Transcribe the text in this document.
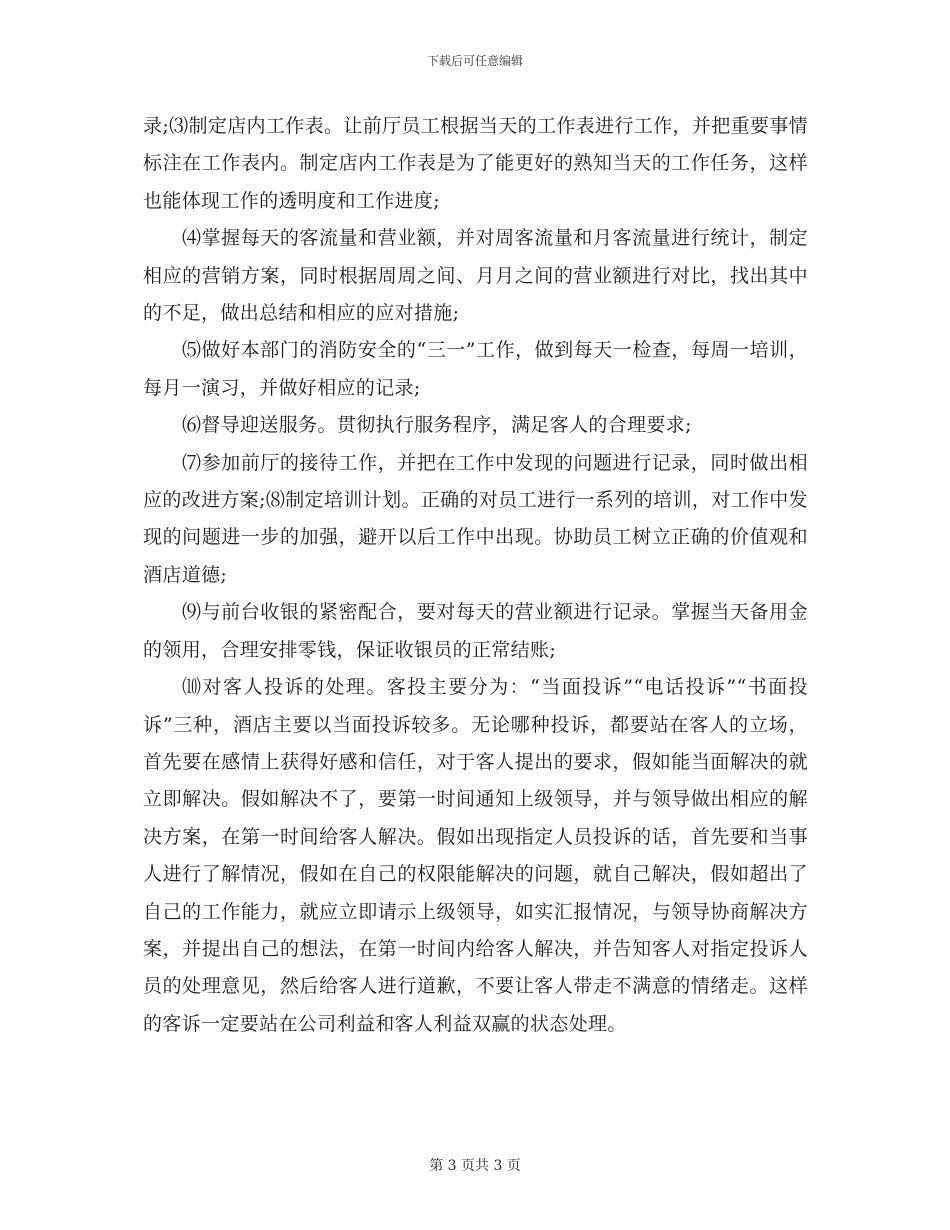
下载后可任意编辑

录;⑶制定店内工作表。让前厅员工根据当天的工作表进行工作，并把重要事情标注在工作表内。制定店内工作表是为了能更好的熟知当天的工作任务，这样也能体现工作的透明度和工作进度;

⑷掌握每天的客流量和营业额，并对周客流量和月客流量进行统计，制定相应的营销方案，同时根据周周之间、月月之间的营业额进行对比，找出其中的不足，做出总结和相应的应对措施;

⑸做好本部门的消防安全的“三一”工作，做到每天一检查，每周一培训，每月一演习，并做好相应的记录;

⑹督导迎送服务。贯彻执行服务程序，满足客人的合理要求;

⑺参加前厅的接待工作，并把在工作中发现的问题进行记录，同时做出相应的改进方案;⑻制定培训计划。正确的对员工进行一系列的培训，对工作中发现的问题进一步的加强，避开以后工作中出现。协助员工树立正确的价值观和酒店道德;

⑼与前台收银的紧密配合，要对每天的营业额进行记录。掌握当天备用金的领用，合理安排零钱，保证收银员的正常结账;

⑽对客人投诉的处理。客投主要分为：“当面投诉”“电话投诉”“书面投诉”三种，酒店主要以当面投诉较多。无论哪种投诉，都要站在客人的立场，首先要在感情上获得好感和信任，对于客人提出的要求，假如能当面解决的就立即解决。假如解决不了，要第一时间通知上级领导，并与领导做出相应的解决方案，在第一时间给客人解决。假如出现指定人员投诉的话，首先要和当事人进行了解情况，假如在自己的权限能解决的问题，就自己解决，假如超出了自己的工作能力，就应立即请示上级领导，如实汇报情况，与领导协商解决方案，并提出自己的想法，在第一时间内给客人解决，并告知客人对指定投诉人员的处理意见，然后给客人进行道歉，不要让客人带走不满意的情绪走。这样的客诉一定要站在公司利益和客人利益双赢的状态处理。

第 3 页共 3 页
